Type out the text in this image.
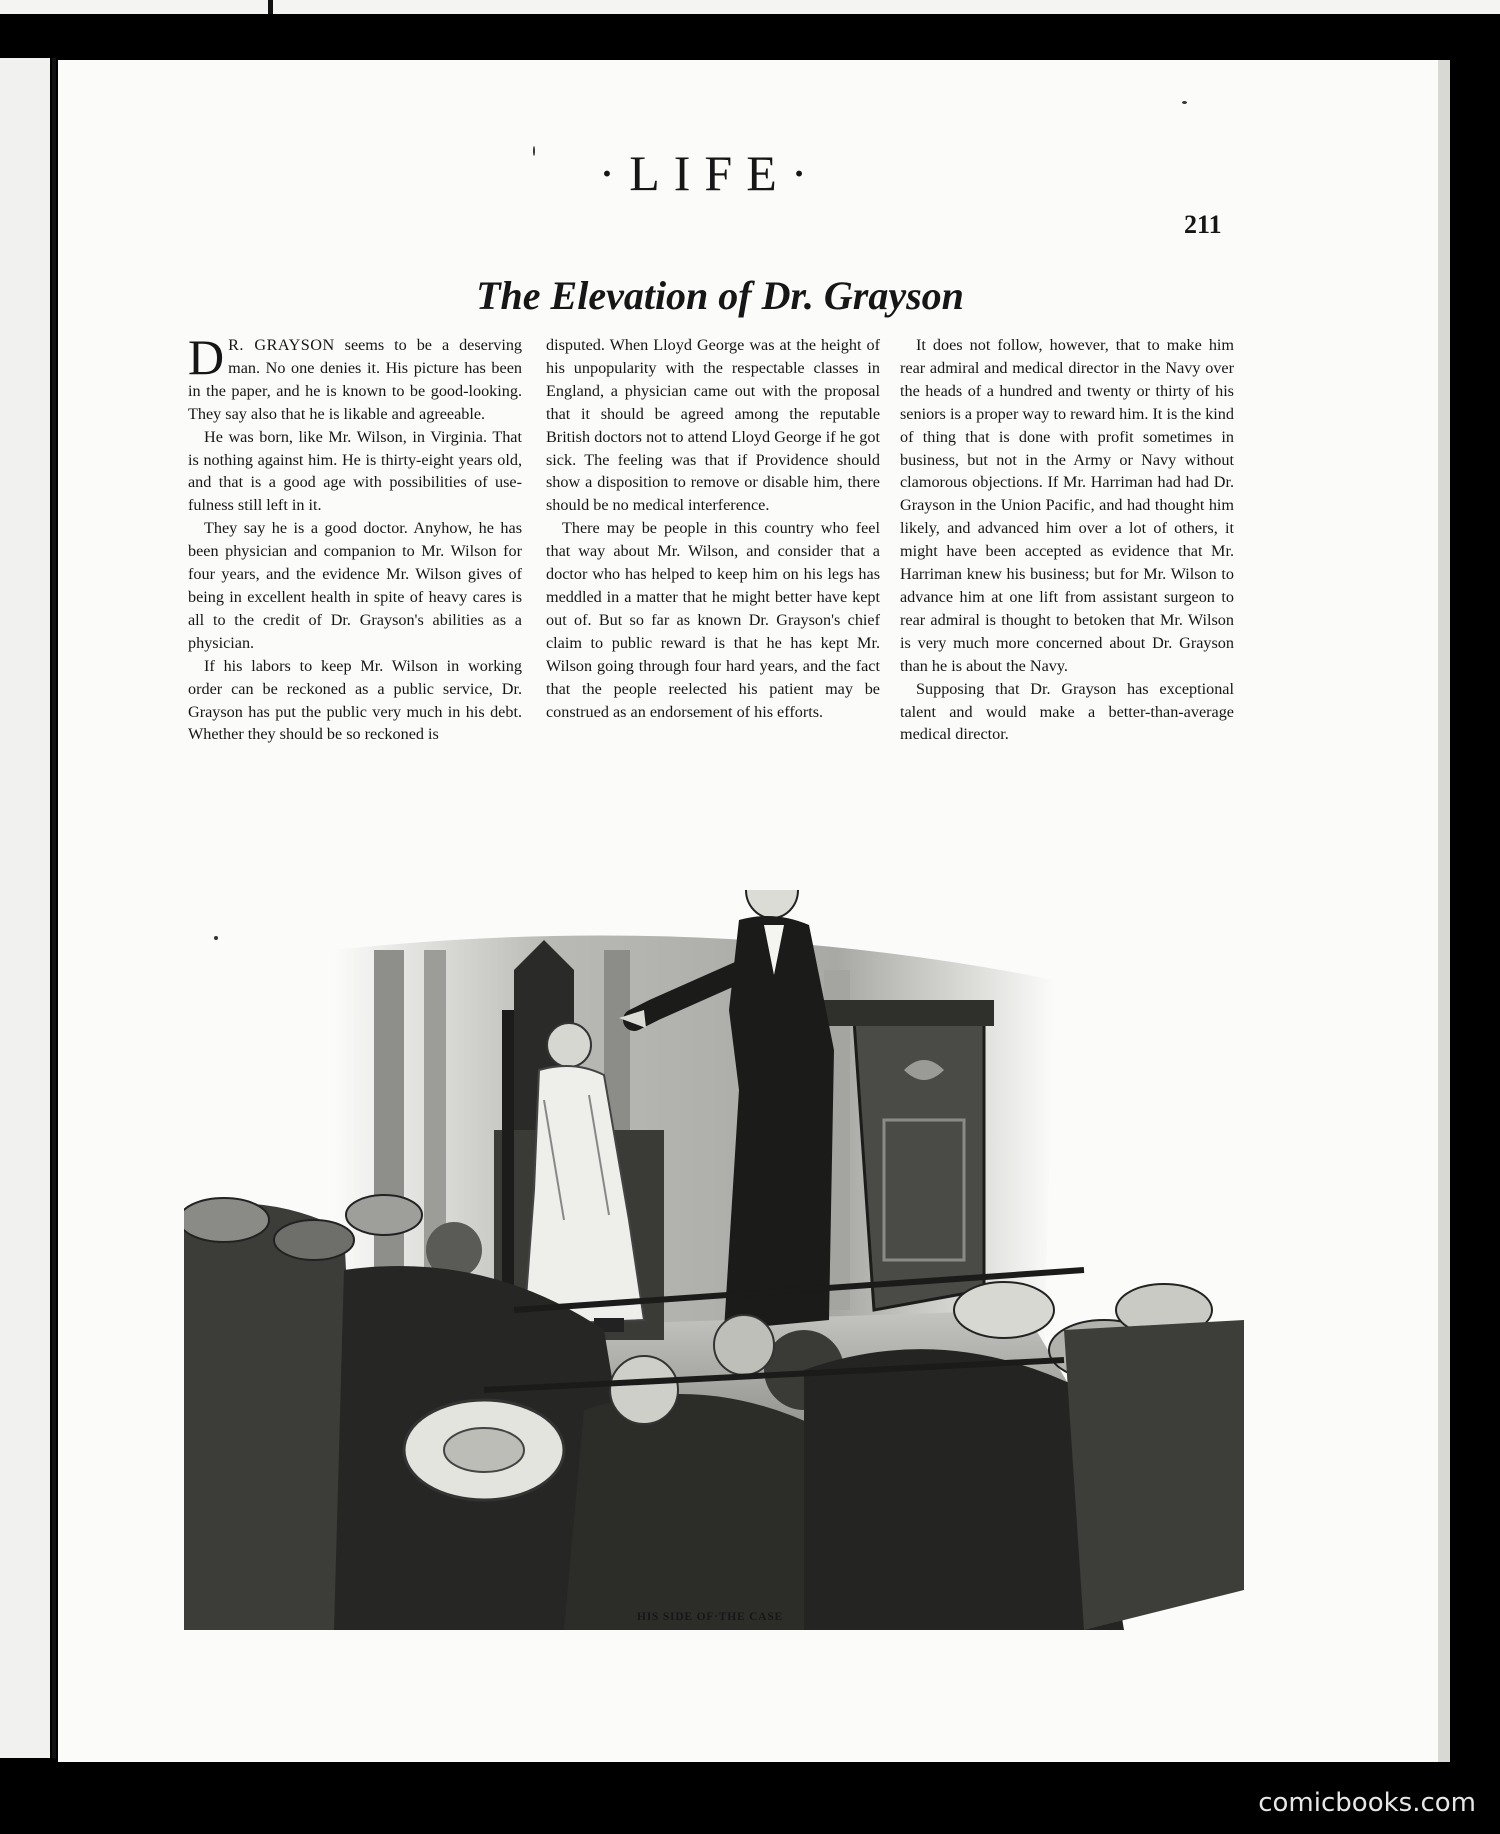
·LIFE·
211
The Elevation of Dr. Grayson

D R. GRAYSON seems to be a deserving man. No one denies it. His picture has been in the paper, and he is known to be good-looking. They say also that he is likable and agreeable.

He was born, like Mr. Wilson, in Virginia. That is nothing against him. He is thirty-eight years old, and that is a good age with possibilities of usefulness still left in it.

They say he is a good doctor. Anyhow, he has been physician and companion to Mr. Wilson for four years, and the evidence Mr. Wilson gives of being in excellent health in spite of heavy cares is all to the credit of Dr. Grayson's abilities as a physician.

If his labors to keep Mr. Wilson in working order can be reckoned as a public service, Dr. Grayson has put the public very much in his debt. Whether they should be so reckoned is

disputed. When Lloyd George was at the height of his unpopularity with the respectable classes in England, a physician came out with the proposal that it should be agreed among the reputable British doctors not to attend Lloyd George if he got sick. The feeling was that if Providence should show a disposition to remove or disable him, there should be no medical interference.

There may be people in this country who feel that way about Mr. Wilson, and consider that a doctor who has helped to keep him on his legs has meddled in a matter that he might better have kept out of. But so far as known Dr. Grayson's chief claim to public reward is that he has kept Mr. Wilson going through four hard years, and the fact that the people reelected his patient may be construed as an endorsement of his efforts.

It does not follow, however, that to make him rear admiral and medical director in the Navy over the heads of a hundred and twenty or thirty of his seniors is a proper way to reward him. It is the kind of thing that is done with profit sometimes in business, but not in the Army or Navy without clamorous objections. If Mr. Harriman had had Dr. Grayson in the Union Pacific, and had thought him likely, and advanced him over a lot of others, it might have been accepted as evidence that Mr. Harriman knew his business; but for Mr. Wilson to advance him at one lift from assistant surgeon to rear admiral is thought to betoken that Mr. Wilson is very much more concerned about Dr. Grayson than he is about the Navy.

Supposing that Dr. Grayson has exceptional talent and would make a better-than-average medical director.

HIS SIDE OF·THE CASE
comicbooks.com
